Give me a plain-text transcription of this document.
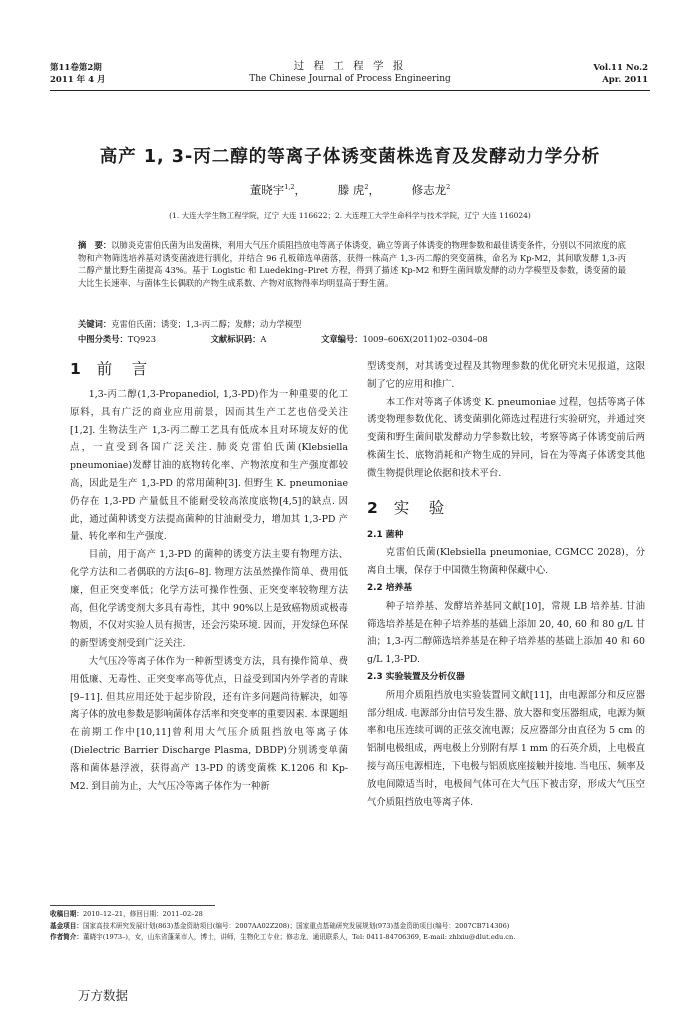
第11卷第2期
2011 年 4 月
过 程 工 程 学 报
The Chinese Journal of Process Engineering
Vol.11 No.2
Apr. 2011
高产 1, 3-丙二醇的等离子体诱变菌株选育及发酵动力学分析
董晓宇$^{1,2}$，	滕 虎$^2$，	修志龙$^2$
(1. 大连大学生物工程学院，辽宁 大连 116622；2. 大连理工大学生命科学与技术学院，辽宁 大连 116024)
摘　要：以肺炎克雷伯氏菌为出发菌株，利用大气压介质阻挡放电等离子体诱变，确立等离子体诱变的物理参数和最佳诱变条件，分别以不同浓度的底物和产物筛选培养基对诱变菌液进行驯化，并结合 96 孔板筛选单菌落，获得一株高产 1,3-丙二醇的突变菌株，命名为 Kp-M2，其间歇发酵 1,3-丙二醇产量比野生菌提高 43%。基于 Logistic 和 Luedeking–Piret 方程，得到了描述 Kp-M2 和野生菌间歇发酵的动力学模型及参数，诱变菌的最大比生长速率、与菌体生长偶联的产物生成系数、产物对底物得率均明显高于野生菌。
关键词：克雷伯氏菌；诱变；1,3-丙二醇；发酵；动力学模型
中图分类号：TQ923	文献标识码：A	文章编号：1009–606X(2011)02–0304–08
1 前　言

1,3-丙二醇(1,3-Propanediol, 1,3-PD)作为一种重要的化工原料，具有广泛的商业应用前景，因而其生产工艺也倍受关注[1,2]. 生物法生产 1,3-丙二醇工艺具有低成本且对环境友好的优点，一直受到各国广泛关注. 肺炎克雷伯氏菌(Klebsiella pneumoniae)发酵甘油的底物转化率、产物浓度和生产强度都较高，因此是生产 1,3-PD 的常用菌种[3]. 但野生 K. pneumoniae 仍存在 1,3-PD 产量低且不能耐受较高浓度底物[4,5]的缺点. 因此，通过菌种诱变方法提高菌种的甘油耐受力，增加其 1,3-PD 产量、转化率和生产强度.

目前，用于高产 1,3-PD 的菌种的诱变方法主要有物理方法、化学方法和二者偶联的方法[6–8]. 物理方法虽然操作简单、费用低廉，但正突变率低；化学方法可操作性强、正突变率较物理方法高，但化学诱变剂大多具有毒性，其中 90%以上是致癌物质或极毒物质，不仅对实验人员有损害，还会污染环境. 因而，开发绿色环保的新型诱变剂受到广泛关注.

大气压冷等离子体作为一种新型诱变方法，具有操作简单、费用低廉、无毒性、正突变率高等优点，日益受到国内外学者的青睐[9–11]. 但其应用还处于起步阶段，还有许多问题尚待解决，如等离子体的放电参数是影响菌体存活率和突变率的重要因素. 本课题组在前期工作中[10,11]曾利用大气压介质阻挡放电等离子体(Dielectric Barrier Discharge Plasma, DBDP)分别诱变单菌落和菌体悬浮液，获得高产 13-PD 的诱变菌株 K.1206 和 Kp-M2. 到目前为止，大气压冷等离子体作为一种新

型诱变剂，对其诱变过程及其物理参数的优化研究未见报道，这限制了它的应用和推广.

本工作对等离子体诱变 K. pneumoniae 过程，包括等离子体诱变物理参数优化、诱变菌驯化筛选过程进行实验研究，并通过突变菌和野生菌间歇发酵动力学参数比较，考察等离子体诱变前后两株菌生长、底物消耗和产物生成的异同，旨在为等离子体诱变其他微生物提供理论依据和技术平台.

2 实　验
2.1 菌种

克雷伯氏菌(Klebsiella pneumoniae, CGMCC 2028)，分离自土壤，保存于中国微生物菌种保藏中心.

2.2 培养基

种子培养基、发酵培养基同文献[10]，常规 LB 培养基. 甘油筛选培养基是在种子培养基的基础上添加 20, 40, 60 和 80 g/L 甘油；1,3-丙二醇筛选培养基是在种子培养基的基础上添加 40 和 60 g/L 1,3-PD.

2.3 实验装置及分析仪器

所用介质阻挡放电实验装置同文献[11]，由电源部分和反应器部分组成. 电源部分由信号发生器、放大器和变压器组成，电源为频率和电压连续可调的正弦交流电源；反应器部分由直径为 5 cm 的铝制电极组成，两电极上分别附有厚 1 mm 的石英介质，上电极直接与高压电源相连，下电极与铝质底座接触并接地. 当电压、频率及放电间隙适当时，电极间气体可在大气压下被击穿，形成大气压空气介质阻挡放电等离子体.

收稿日期：2010–12–21，修回日期：2011–02–28
基金项目：国家高技术研究发展计划(863)基金资助项目(编号：2007AA02Z208)；国家重点基础研究发展规划(973)基金资助项目(编号：2007CB714306)
作者简介：董晓宇(1973–)，女，山东省蓬莱市人，博士，讲师，生物化工专业；修志龙，通讯联系人，Tel: 0411-84706369, E-mail: zhlxiu@dlut.edu.cn.
万方数据
